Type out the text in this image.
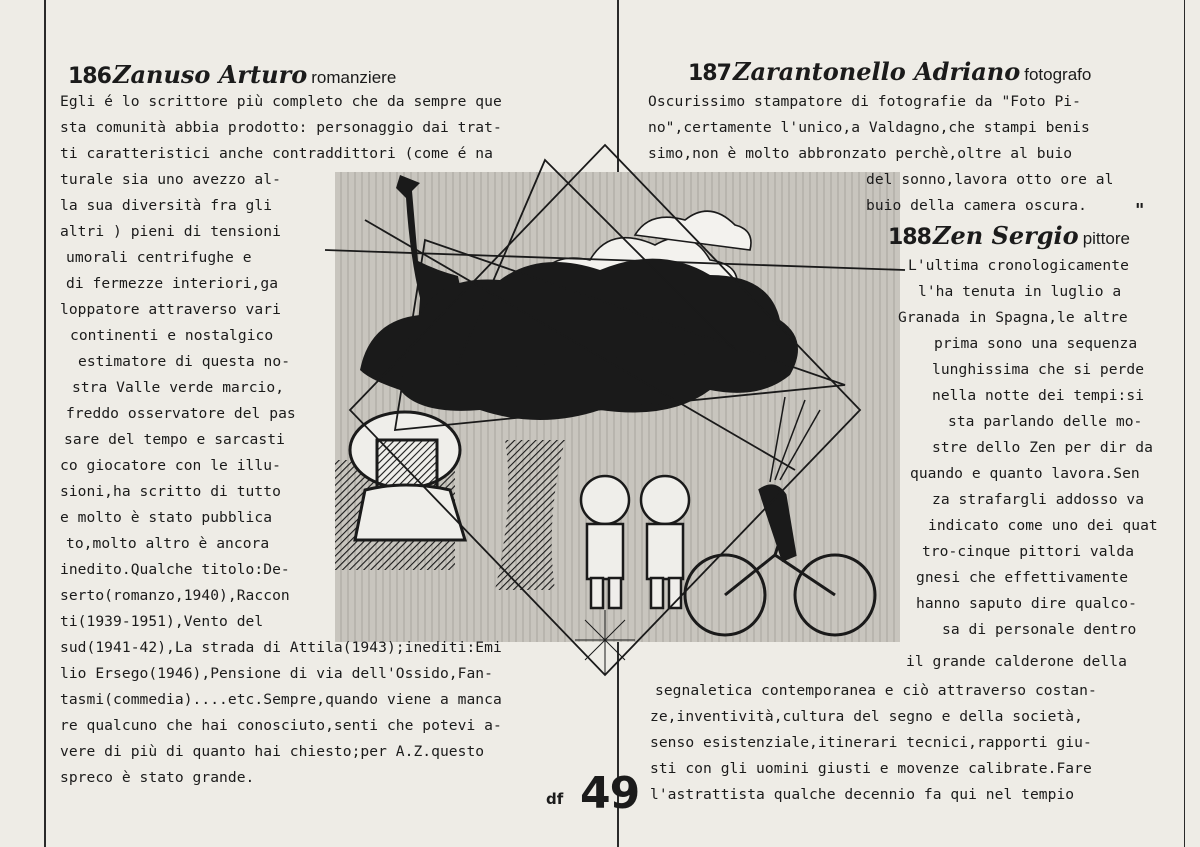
186Zanuso Arturo romanziere
Egli é lo scrittore più completo che da sempre que
sta comunità abbia prodotto: personaggio dai trat-
ti caratteristici anche contraddittori (come é na
turale sia uno avezzo al-
la sua diversità fra gli
altri ) pieni di tensioni
umorali centrifughe e
di fermezze interiori,ga
loppatore attraverso vari
continenti e nostalgico
estimatore di questa no-
stra Valle verde marcio,
freddo osservatore del pas
sare del tempo e sarcasti
co giocatore con le illu-
sioni,ha scritto di tutto
e molto è stato pubblica
to,molto altro è ancora
inedito.Qualche titolo:De-
serto(romanzo,1940),Raccon
ti(1939-1951),Vento del
sud(1941-42),La strada di Attila(1943);inediti:Emi
lio Ersego(1946),Pensione di via dell'Ossido,Fan-
tasmi(commedia)....etc.Sempre,quando viene a manca
re qualcuno che hai conosciuto,senti che potevi a-
vere di più di quanto hai chiesto;per A.Z.questo
spreco è stato grande.
187Zarantonello Adriano fotografo
Oscurissimo stampatore di fotografie da "Foto Pi-
no",certamente l'unico,a Valdagno,che stampi benis
simo,non è molto abbronzato perchè,oltre al buio
del sonno,lavora otto ore al
buio della camera oscura.	"
188Zen Sergio pittore
L'ultima cronologicamente
l'ha tenuta in luglio a
Granada in Spagna,le altre
prima sono una sequenza
lunghissima che si perde
nella notte dei tempi:si
sta parlando delle mo-
stre dello Zen per dir da
quando e quanto lavora.Sen
za strafargli addosso va
indicato come uno dei quat
tro-cinque pittori valda
gnesi che effettivamente
hanno saputo dire qualco-
sa di personale dentro
il grande calderone della
segnaletica contemporanea e ciò attraverso costan-
ze,inventività,cultura del segno e della società,
senso esistenziale,itinerari tecnici,rapporti giu-
sti con gli uomini giusti e movenze calibrate.Fare
l'astrattista qualche decennio fa qui nel tempio
df 49
